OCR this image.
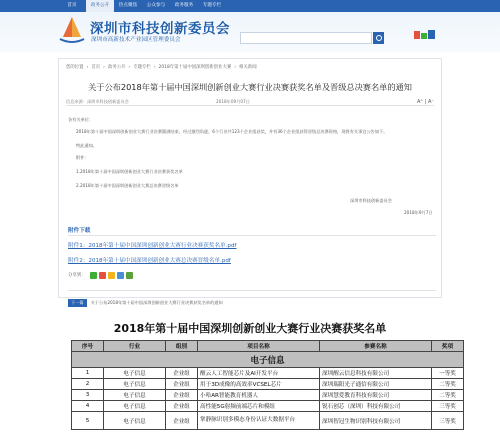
首页	政务公开	热点聚焦	公众参与	政务服务	专题专栏
深圳市科技创新委员会
深圳市高新技术产业园区管理委员会
您的位置 › 首页 › 政务公开 › 专题专栏 › 2018年第十届中国深圳创新创业大赛 › 相关新闻
关于公布2018年第十届中国深圳创新创业大赛行业决赛获奖名单及晋级总决赛名单的通知
信息来源：深圳市科技创新委员会	2018年09月07日	A⁺ | A⁻
各有关单位：
2018年第十届中国深圳创新创业大赛行业决赛圆满结束，经过激烈角逐，6个行业共123个企业组获奖，并有36个企业组获得晋级总决赛资格，现将有关事宜公告如下。
特此通知。
附件：
1.2018年第十届中国深圳创新创业大赛行业决赛获奖名单
2.2018年第十届中国深圳创新创业大赛总决赛晋级名单
深圳市科技创新委员会
2018年9月7日
附件下载
附件1：2018年第十届中国深圳创新创业大赛行业决赛获奖名单.pdf
附件2：2018年第十届中国深圳创新创业大赛总决赛晋级名单.pdf
分享到：
下一篇	关于公布2018年第十届中国深圳创新创业大赛行业决赛获奖名单的通知
2018年第十届中国深圳创新创业大赛行业决赛获奖名单
序号	行业	组别	项目名称	参赛名称	奖项
电子信息					
1	电子信息	企业组	醒云人工智能芯片及AI开发平台	深圳醒云信息科技有限公司	一等奖
2	电子信息	企业组	用于3D成像的高效率VCSEL芯片	深圳瑞阳光子通信有限公司	二等奖
3	电子信息	企业组	小哈AR智能教育机器人	深圳慧爱教育科技有限公司	二等奖
4	电子信息	企业组	高性能5G射频前端芯片和模组	锐石创芯（深圳）科技有限公司	三等奖
5	电子信息	企业组	掌静脉识别多模态身份认证大数据平台	深圳智冠生物识别科技有限公司	三等奖
